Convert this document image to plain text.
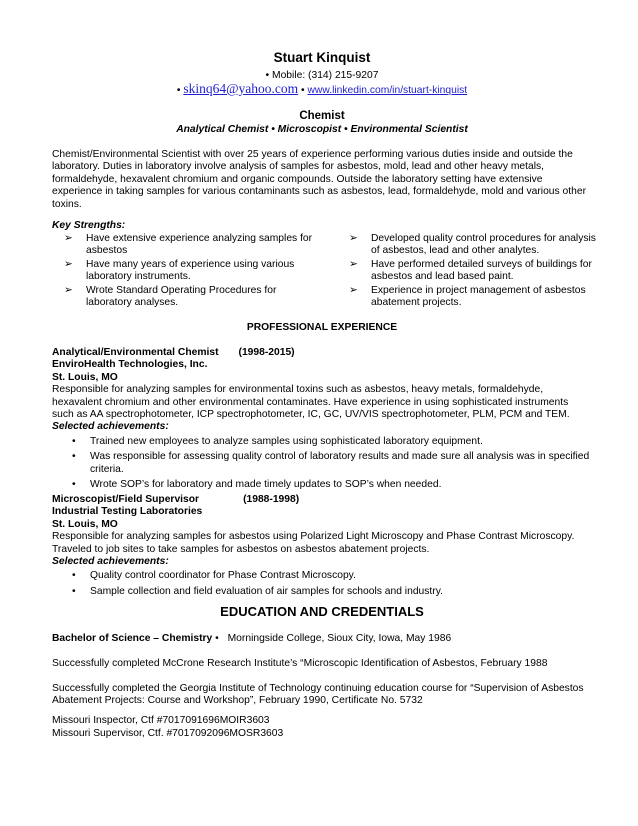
Stuart Kinquist
• Mobile: (314) 215-9207
• skinq64@yahoo.com • www.linkedin.com/in/stuart-kinquist
Chemist
Analytical Chemist • Microscopist • Environmental Scientist
Chemist/Environmental Scientist with over 25 years of experience performing various duties inside and outside the laboratory. Duties in laboratory involve analysis of samples for asbestos, mold, lead and other heavy metals, formaldehyde, hexavalent chromium and organic compounds. Outside the laboratory setting have extensive experience in taking samples for various contaminants such as asbestos, lead, formaldehyde, mold and various other toxins.
Key Strengths:
➢ Have extensive experience analyzing samples for asbestos
➢ Have many years of experience using various laboratory instruments.
➢ Wrote Standard Operating Procedures for laboratory analyses.
➢ Developed quality control procedures for analysis of asbestos, lead and other analytes.
➢ Have performed detailed surveys of buildings for asbestos and lead based paint.
➢ Experience in project management of asbestos abatement projects.
PROFESSIONAL EXPERIENCE
Analytical/Environmental Chemist (1998-2015)
EnviroHealth Technologies, Inc.
St. Louis, MO
Responsible for analyzing samples for environmental toxins such as asbestos, heavy metals, formaldehyde, hexavalent chromium and other environmental contaminates. Have experience in using sophisticated instruments such as AA spectrophotometer, ICP spectrophotometer, IC, GC, UV/VIS spectrophotometer, PLM, PCM and TEM.
Selected achievements:
• Trained new employees to analyze samples using sophisticated laboratory equipment.
• Was responsible for assessing quality control of laboratory results and made sure all analysis was in specified criteria.
• Wrote SOP’s for laboratory and made timely updates to SOP’s when needed.
Microscopist/Field Supervisor	(1988-1998)
Industrial Testing Laboratories
St. Louis, MO
Responsible for analyzing samples for asbestos using Polarized Light Microscopy and Phase Contrast Microscopy. Traveled to job sites to take samples for asbestos on asbestos abatement projects.
Selected achievements:
• Quality control coordinator for Phase Contrast Microscopy.
• Sample collection and field evaluation of air samples for schools and industry.
EDUCATION AND CREDENTIALS
Bachelor of Science – Chemistry • Morningside College, Sioux City, Iowa, May 1986
Successfully completed McCrone Research Institute’s “Microscopic Identification of Asbestos, February 1988
Successfully completed the Georgia Institute of Technology continuing education course for “Supervision of Asbestos Abatement Projects: Course and Workshop”, February 1990, Certificate No. 5732
Missouri Inspector, Ctf #7017091696MOIR3603
Missouri Supervisor, Ctf. #7017092096MOSR3603
